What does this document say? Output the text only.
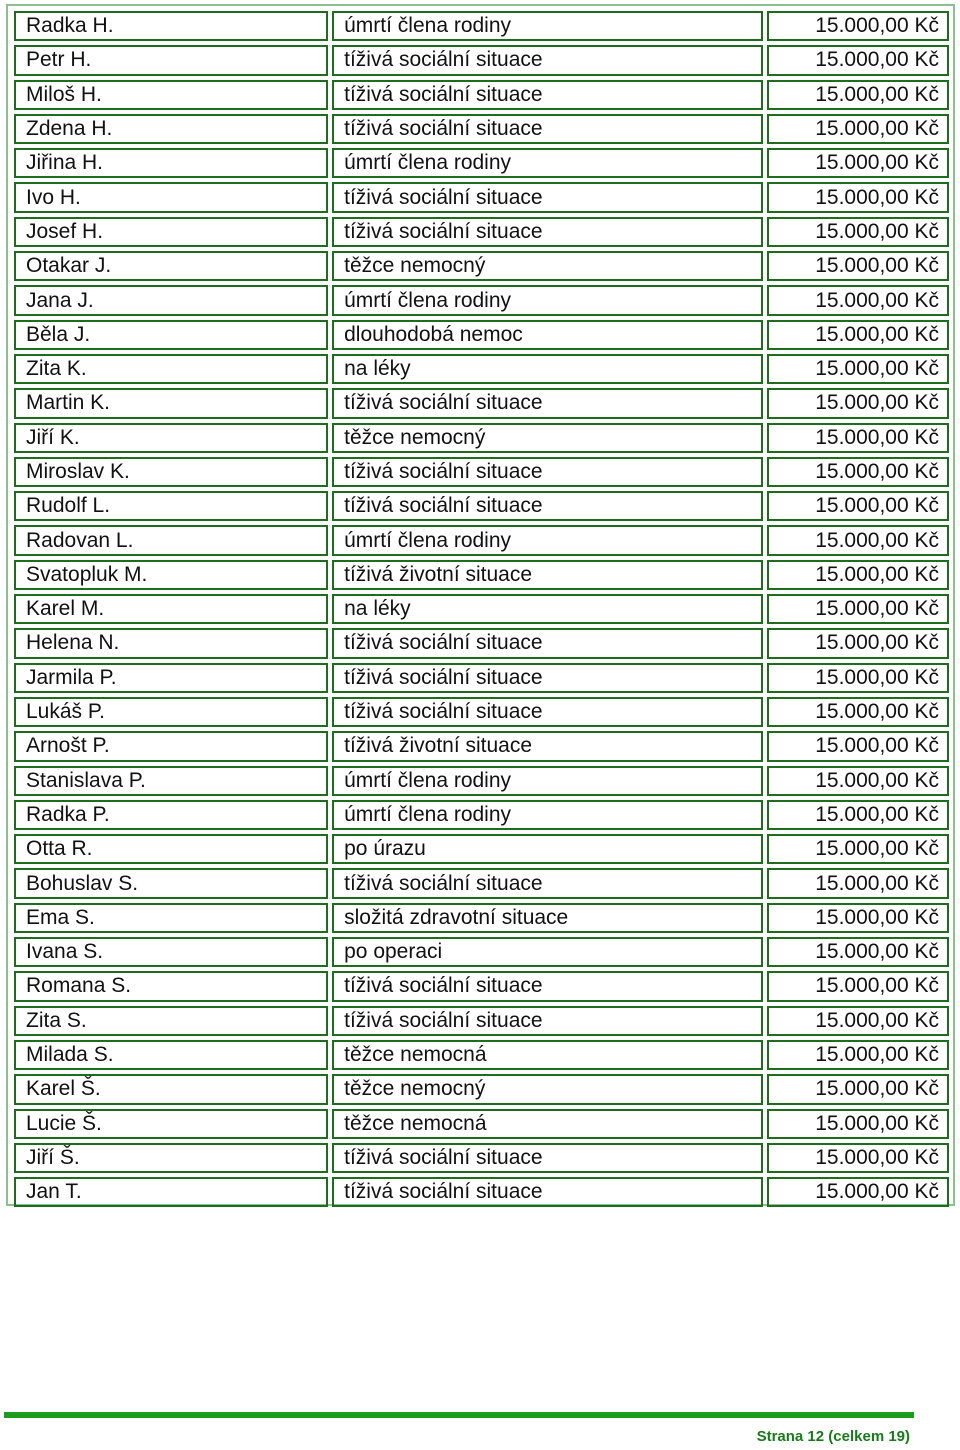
Radka H.	úmrtí člena rodiny	15.000,00 Kč
Petr H.	tíživá sociální situace	15.000,00 Kč
Miloš H.	tíživá sociální situace	15.000,00 Kč
Zdena H.	tíživá sociální situace	15.000,00 Kč
Jiřina H.	úmrtí člena rodiny	15.000,00 Kč
Ivo H.	tíživá sociální situace	15.000,00 Kč
Josef H.	tíživá sociální situace	15.000,00 Kč
Otakar J.	těžce nemocný	15.000,00 Kč
Jana J.	úmrtí člena rodiny	15.000,00 Kč
Běla J.	dlouhodobá nemoc	15.000,00 Kč
Zita K.	na léky	15.000,00 Kč
Martin K.	tíživá sociální situace	15.000,00 Kč
Jiří K.	těžce nemocný	15.000,00 Kč
Miroslav K.	tíživá sociální situace	15.000,00 Kč
Rudolf L.	tíživá sociální situace	15.000,00 Kč
Radovan L.	úmrtí člena rodiny	15.000,00 Kč
Svatopluk M.	tíživá životní situace	15.000,00 Kč
Karel M.	na léky	15.000,00 Kč
Helena N.	tíživá sociální situace	15.000,00 Kč
Jarmila P.	tíživá sociální situace	15.000,00 Kč
Lukáš P.	tíživá sociální situace	15.000,00 Kč
Arnošt P.	tíživá životní situace	15.000,00 Kč
Stanislava P.	úmrtí člena rodiny	15.000,00 Kč
Radka P.	úmrtí člena rodiny	15.000,00 Kč
Otta R.	po úrazu	15.000,00 Kč
Bohuslav S.	tíživá sociální situace	15.000,00 Kč
Ema S.	složitá zdravotní situace	15.000,00 Kč
Ivana S.	po operaci	15.000,00 Kč
Romana S.	tíživá sociální situace	15.000,00 Kč
Zita S.	tíživá sociální situace	15.000,00 Kč
Milada S.	těžce nemocná	15.000,00 Kč
Karel Š.	těžce nemocný	15.000,00 Kč
Lucie Š.	těžce nemocná	15.000,00 Kč
Jiří Š.	tíživá sociální situace	15.000,00 Kč
Jan T.	tíživá sociální situace	15.000,00 Kč
Strana 12 (celkem 19)
